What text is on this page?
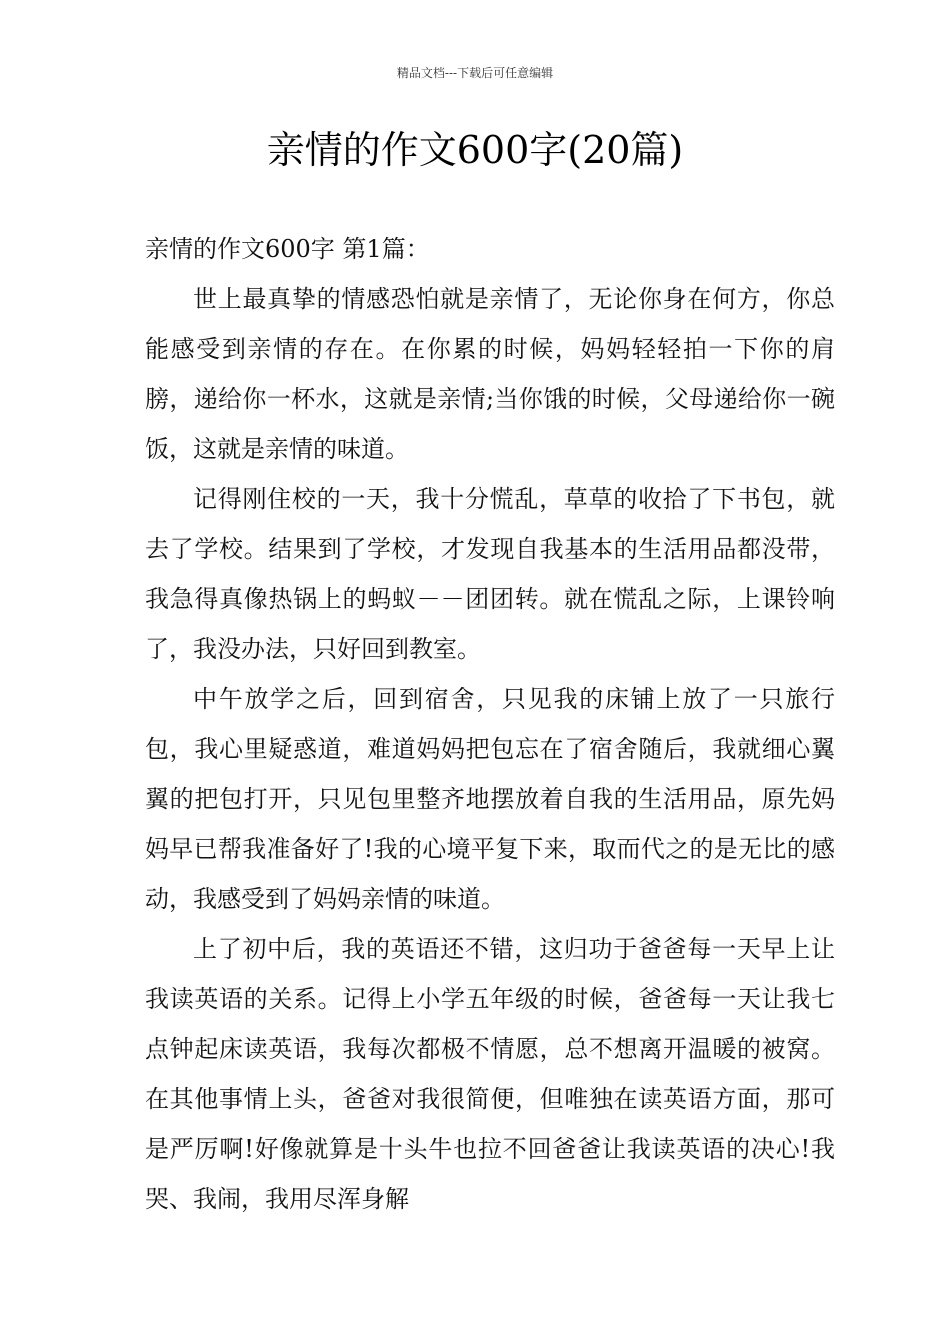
精品文档---下载后可任意编辑
亲情的作文600字(20篇)

亲情的作文600字 第1篇：

世上最真挚的情感恐怕就是亲情了，无论你身在何方，你总能感受到亲情的存在。在你累的时候，妈妈轻轻拍一下你的肩膀，递给你一杯水，这就是亲情;当你饿的时候，父母递给你一碗饭，这就是亲情的味道。

记得刚住校的一天，我十分慌乱，草草的收拾了下书包，就去了学校。结果到了学校，才发现自我基本的生活用品都没带，我急得真像热锅上的蚂蚁－－团团转。就在慌乱之际，上课铃响了，我没办法，只好回到教室。

中午放学之后，回到宿舍，只见我的床铺上放了一只旅行包，我心里疑惑道，难道妈妈把包忘在了宿舍随后，我就细心翼翼的把包打开，只见包里整齐地摆放着自我的生活用品，原先妈妈早已帮我准备好了!我的心境平复下来，取而代之的是无比的感动，我感受到了妈妈亲情的味道。

上了初中后，我的英语还不错，这归功于爸爸每一天早上让我读英语的关系。记得上小学五年级的时候，爸爸每一天让我七点钟起床读英语，我每次都极不情愿，总不想离开温暖的被窝。在其他事情上头，爸爸对我很简便，但唯独在读英语方面，那可是严厉啊!好像就算是十头牛也拉不回爸爸让我读英语的决心!我哭、我闹，我用尽浑身解
